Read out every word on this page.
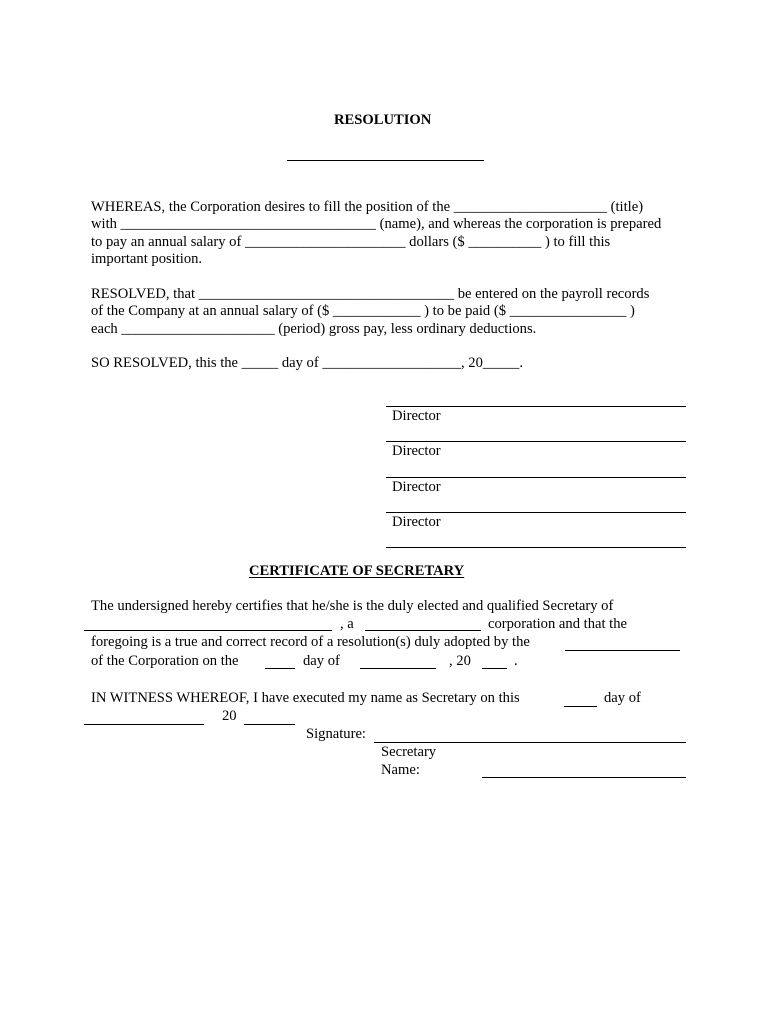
RESOLUTION
WHEREAS, the Corporation desires to fill the position of the _____________________ (title)
with ___________________________________ (name), and whereas the corporation is prepared
to pay an annual salary of ______________________ dollars ($ __________ ) to fill this
important position.
RESOLVED, that ___________________________________ be entered on the payroll records
of the Company at an annual salary of ($ ____________ ) to be paid ($ ________________ )
each _____________________ (period) gross pay, less ordinary deductions.
SO RESOLVED, this the _____ day of ___________________, 20_____.
Director
Director
Director
Director
CERTIFICATE OF SECRETARY
The undersigned hereby certifies that he/she is the duly elected and qualified Secretary of
, a	corporation and that the
foregoing is a true and correct record of a resolution(s) duly adopted by the
of the Corporation on the	day of	, 20	.
IN WITNESS WHEREOF, I have executed my name as Secretary on this	day of
20
Signature:
Secretary
Name:
